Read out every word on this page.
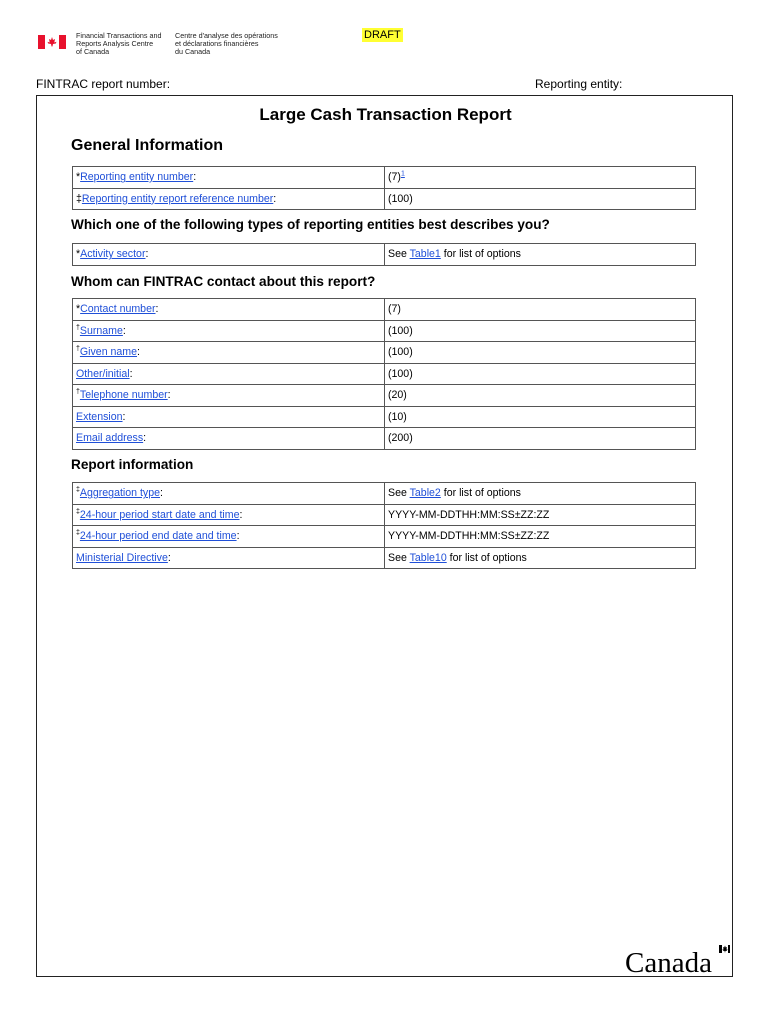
Financial Transactions and
Reports Analysis Centre
of Canada
Centre d'analyse des opérations
et déclarations financières
du Canada
DRAFT
FINTRAC report number:	Reporting entity:
Large Cash Transaction Report
General Information
*Reporting entity number:	$(7)^1$
‡Reporting entity report reference number:	(100)
Which one of the following types of reporting entities best describes you?
*Activity sector:	See Table1 for list of options
Whom can FINTRAC contact about this report?
*Contact number:	(7)
†Surname:	(100)
†Given name:	(100)
Other/initial:	(100)
†Telephone number:	(20)
Extension:	(10)
Email address:	(200)
Report information
‡Aggregation type:	See Table2 for list of options
‡24-hour period start date and time:	YYYY-MM-DDTHH:MM:SS±ZZ:ZZ
‡24-hour period end date and time:	YYYY-MM-DDTHH:MM:SS±ZZ:ZZ
Ministerial Directive:	See Table10 for list of options
Canada
